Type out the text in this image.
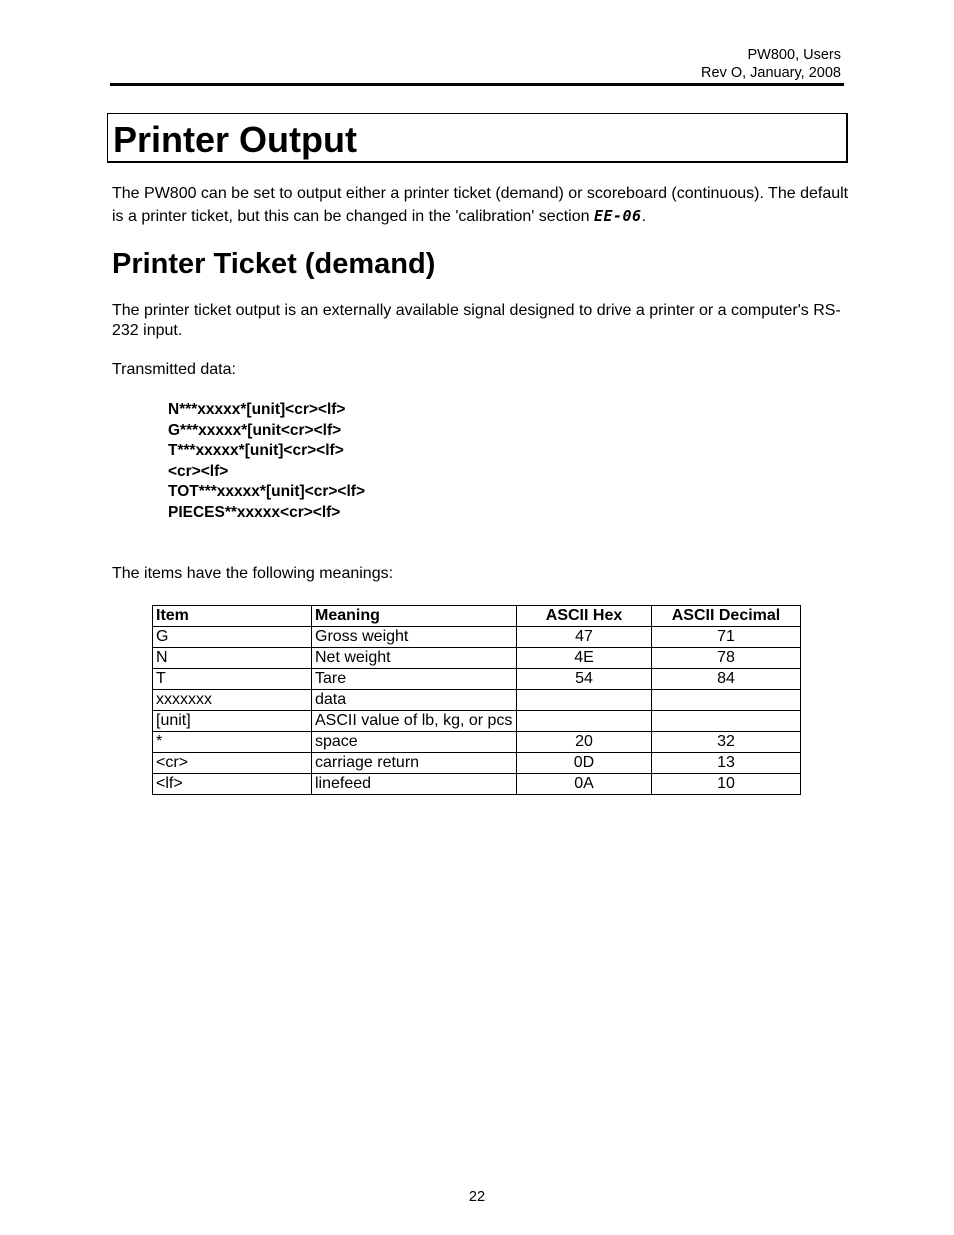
PW800, Users
Rev O, January, 2008
Printer Output
The PW800 can be set to output either a printer ticket (demand) or scoreboard (continuous). The default is a printer ticket, but this can be changed in the 'calibration' section EE-06.
Printer Ticket (demand)
The printer ticket output is an externally available signal designed to drive a printer or a computer's RS-232 input.
Transmitted data:
N***xxxxx*[unit]<cr><lf>
G***xxxxx*[unit<cr><lf>
T***xxxxx*[unit]<cr><lf>
<cr><lf>
TOT***xxxxx*[unit]<cr><lf>
PIECES**xxxxx<cr><lf>
The items have the following meanings:
Item	Meaning	ASCII Hex	ASCII Decimal
G	Gross weight	47	71
N	Net weight	4E	78
T	Tare	54	84
xxxxxxx	data		
[unit]	ASCII value of lb, kg, or pcs		
*	space	20	32
<cr>	carriage return	0D	13
<lf>	linefeed	0A	10
22
